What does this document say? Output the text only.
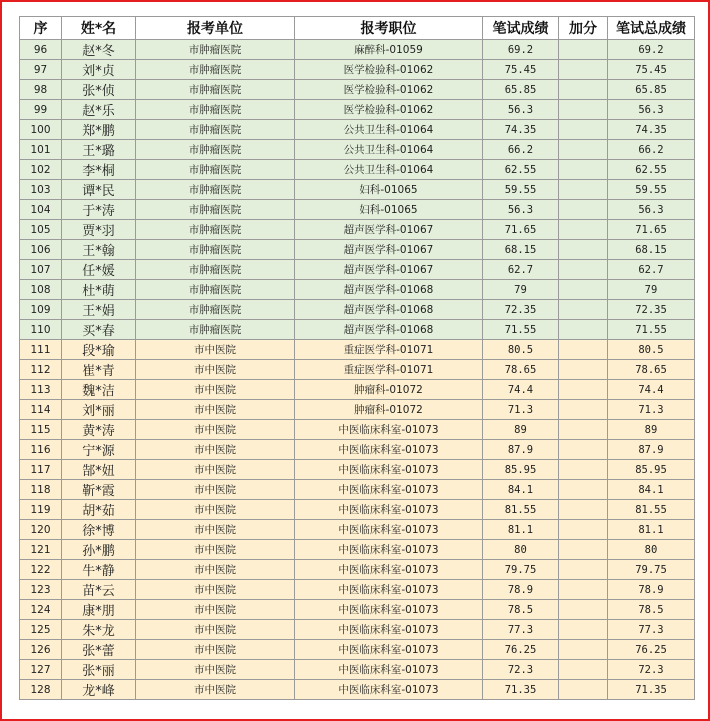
序	姓*名	报考单位	报考职位	笔试成绩	加分	笔试总成绩
96	赵*冬	市肿瘤医院	麻醉科-01059	69.2		69.2
97	刘*贞	市肿瘤医院	医学检验科-01062	75.45		75.45
98	张*侦	市肿瘤医院	医学检验科-01062	65.85		65.85
99	赵*乐	市肿瘤医院	医学检验科-01062	56.3		56.3
100	郑*鹏	市肿瘤医院	公共卫生科-01064	74.35		74.35
101	王*璐	市肿瘤医院	公共卫生科-01064	66.2		66.2
102	李*桐	市肿瘤医院	公共卫生科-01064	62.55		62.55
103	谭*民	市肿瘤医院	妇科-01065	59.55		59.55
104	于*涛	市肿瘤医院	妇科-01065	56.3		56.3
105	贾*羽	市肿瘤医院	超声医学科-01067	71.65		71.65
106	王*翰	市肿瘤医院	超声医学科-01067	68.15		68.15
107	任*媛	市肿瘤医院	超声医学科-01067	62.7		62.7
108	杜*萌	市肿瘤医院	超声医学科-01068	79		79
109	王*娟	市肿瘤医院	超声医学科-01068	72.35		72.35
110	买*春	市肿瘤医院	超声医学科-01068	71.55		71.55
111	段*瑜	市中医院	重症医学科-01071	80.5		80.5
112	崔*青	市中医院	重症医学科-01071	78.65		78.65
113	魏*洁	市中医院	肿瘤科-01072	74.4		74.4
114	刘*丽	市中医院	肿瘤科-01072	71.3		71.3
115	黄*涛	市中医院	中医临床科室-01073	89		89
116	宁*源	市中医院	中医临床科室-01073	87.9		87.9
117	郜*妞	市中医院	中医临床科室-01073	85.95		85.95
118	靳*霞	市中医院	中医临床科室-01073	84.1		84.1
119	胡*茹	市中医院	中医临床科室-01073	81.55		81.55
120	徐*博	市中医院	中医临床科室-01073	81.1		81.1
121	孙*鹏	市中医院	中医临床科室-01073	80		80
122	牛*静	市中医院	中医临床科室-01073	79.75		79.75
123	苗*云	市中医院	中医临床科室-01073	78.9		78.9
124	康*朋	市中医院	中医临床科室-01073	78.5		78.5
125	朱*龙	市中医院	中医临床科室-01073	77.3		77.3
126	张*蕾	市中医院	中医临床科室-01073	76.25		76.25
127	张*丽	市中医院	中医临床科室-01073	72.3		72.3
128	龙*峰	市中医院	中医临床科室-01073	71.35		71.35
